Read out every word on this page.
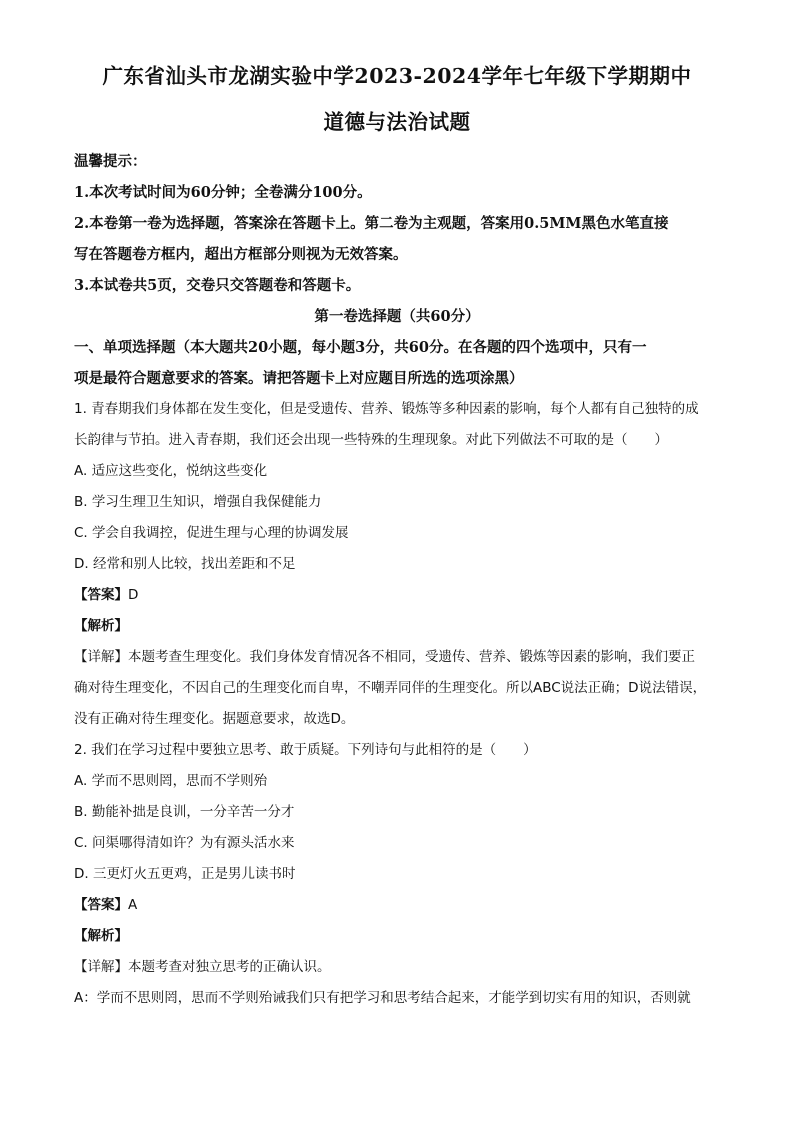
广东省汕头市龙湖实验中学2023-2024学年七年级下学期期中
道德与法治试题
温馨提示：
1.本次考试时间为60分钟；全卷满分100分。
2.本卷第一卷为选择题，答案涂在答题卡上。第二卷为主观题，答案用0.5MM黑色水笔直接
写在答题卷方框内，超出方框部分则视为无效答案。
3.本试卷共5页，交卷只交答题卷和答题卡。
第一卷选择题（共60分）
一、单项选择题（本大题共20小题，每小题3分，共60分。在各题的四个选项中，只有一
项是最符合题意要求的答案。请把答题卡上对应题目所选的选项涂黑）
1. 青春期我们身体都在发生变化，但是受遗传、营养、锻炼等多种因素的影响，每个人都有自己独特的成
长韵律与节拍。进入青春期，我们还会出现一些特殊的生理现象。对此下列做法不可取的是（　　）
A. 适应这些变化，悦纳这些变化
B. 学习生理卫生知识，增强自我保健能力
C. 学会自我调控，促进生理与心理的协调发展
D. 经常和别人比较，找出差距和不足
【答案】D
【解析】
【详解】本题考查生理变化。我们身体发育情况各不相同，受遗传、营养、锻炼等因素的影响，我们要正
确对待生理变化，不因自己的生理变化而自卑，不嘲弄同伴的生理变化。所以ABC说法正确；D说法错误，
没有正确对待生理变化。据题意要求，故选D。
2. 我们在学习过程中要独立思考、敢于质疑。下列诗句与此相符的是（　　）
A. 学而不思则罔，思而不学则殆
B. 勤能补拙是良训，一分辛苦一分才
C. 问渠哪得清如许？为有源头活水来
D. 三更灯火五更鸡，正是男儿读书时
【答案】A
【解析】
【详解】本题考查对独立思考的正确认识。
A：学而不思则罔，思而不学则殆诫我们只有把学习和思考结合起来，才能学到切实有用的知识，否则就
